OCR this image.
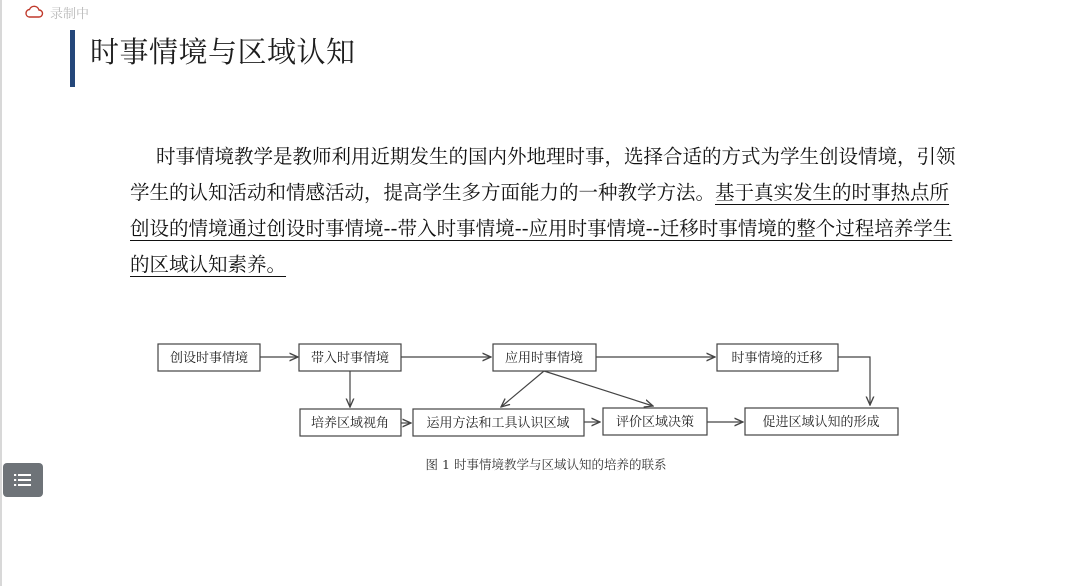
录制中
时事情境与区域认知
时事情境教学是教师利用近期发生的国内外地理时事，选择合适的方式为学生创设情境，引领学生的认知活动和情感活动，提高学生多方面能力的一种教学方法。基于真实发生的时事热点所创设的情境通过创设时事情境--带入时事情境--应用时事情境--迁移时事情境的整个过程培养学生的区域认知素养。
创设时事情境	带入时事情境	应用时事情境	时事情境的迁移
培养区域视角	运用方法和工具认识区域	评价区域决策	促进区域认知的形成
图 1 时事情境教学与区域认知的培养的联系
